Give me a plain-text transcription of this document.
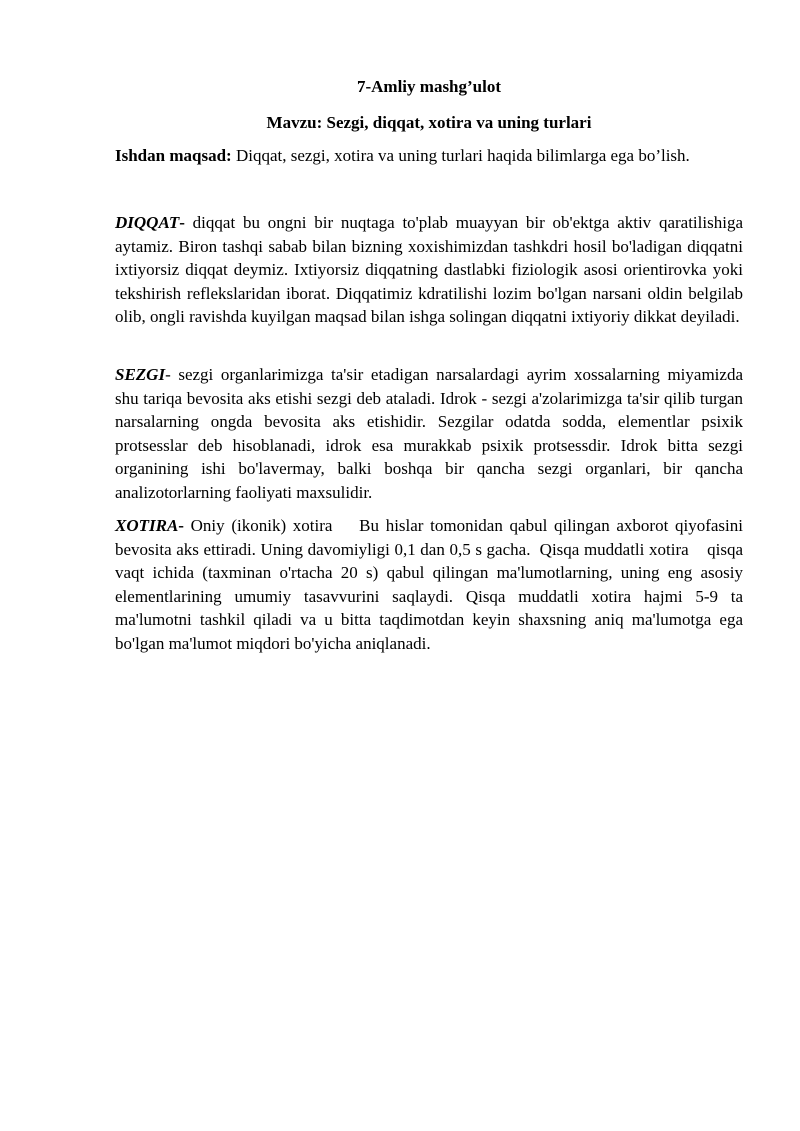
7-Amliy mashg’ulot
Mavzu: Sezgi, diqqat, xotira va uning turlari
Ishdan maqsad: Diqqat, sezgi, xotira va uning turlari haqida bilimlarga ega bo’lish.
DIQQAT- diqqat bu ongni bir nuqtaga to'plab muayyan bir ob'ektga aktiv qaratilishiga aytamiz. Biron tashqi sabab bilan bizning xoxishimizdan tashkdri hosil bo'ladigan diqqatni ixtiyorsiz diqqat deymiz. Ixtiyorsiz diqqatning dastlabki fiziologik asosi orientirovka yoki tekshirish reflekslaridan iborat. Diqqatimiz kdratilishi lozim bo'lgan narsani oldin belgilab olib, ongli ravishda kuyilgan maqsad bilan ishga solingan diqqatni ixtiyoriy dikkat deyiladi.
SEZGI- sezgi organlarimizga ta'sir etadigan narsalardagi ayrim xossalarning miyamizda shu tariqa bevosita aks etishi sezgi deb ataladi. Idrok - sezgi a'zolarimizga ta'sir qilib turgan narsalarning ongda bevosita aks etishidir. Sezgilar odatda sodda, elementlar psixik protsesslar deb hisoblanadi, idrok esa murakkab psixik protsessdir. Idrok bitta sezgi organining ishi bo'lavermay, balki boshqa bir qancha sezgi organlari, bir qancha analizotorlarning faoliyati maxsulidir.
XOTIRA- Oniy (ikonik) xotira    Bu hislar tomonidan qabul qilingan axborot qiyofasini bevosita aks ettiradi. Uning davomiyligi 0,1 dan 0,5 s gacha.  Qisqa muddatli xotira    qisqa vaqt ichida (taxminan o'rtacha 20 s) qabul qilingan ma'lumotlarning, uning eng asosiy elementlarining umumiy tasavvurini saqlaydi. Qisqa muddatli xotira hajmi 5-9 ta ma'lumotni tashkil qiladi va u bitta taqdimotdan keyin shaxsning aniq ma'lumotga ega bo'lgan ma'lumot miqdori bo'yicha aniqlanadi.
